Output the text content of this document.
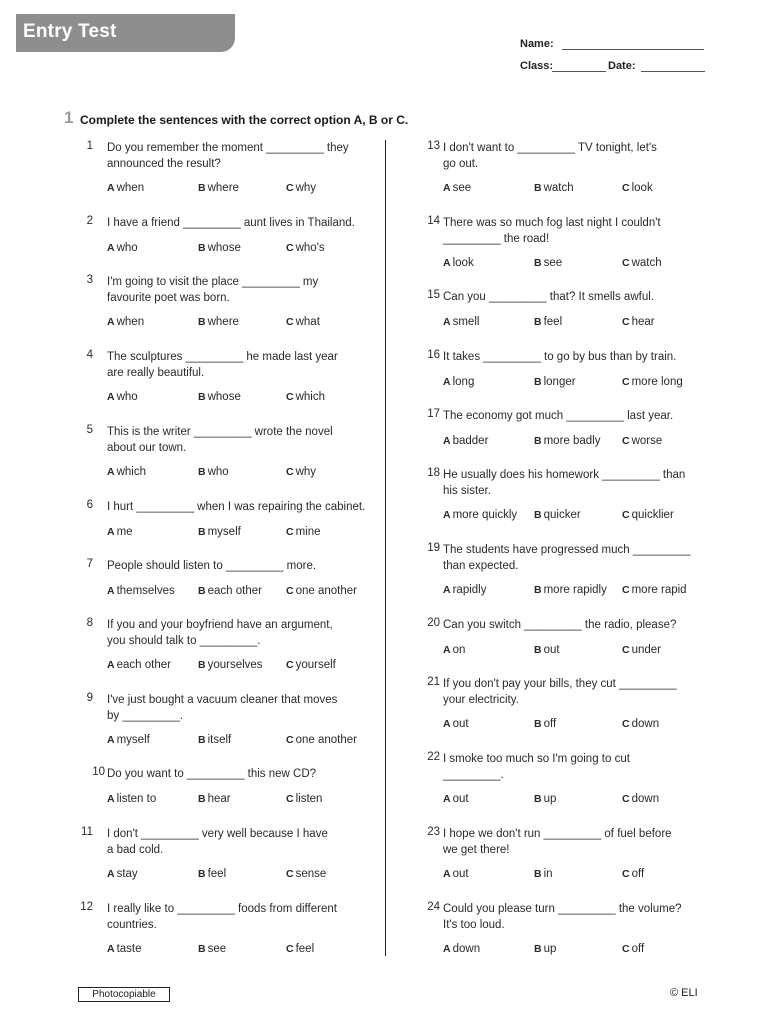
Entry Test
Name:
Class:	Date:
1 Complete the sentences with the correct option A, B or C.
1 Do you remember the moment _________ they
announced the result?
A when	B where	C why
2 I have a friend _________ aunt lives in Thailand.
A who	B whose	C who's
3 I'm going to visit the place _________ my
favourite poet was born.
A when	B where	C what
4 The sculptures _________ he made last year
are really beautiful.
A who	B whose	C which
5 This is the writer _________ wrote the novel
about our town.
A which	B who	C why
6 I hurt _________ when I was repairing the cabinet.
A me	B myself	C mine
7 People should listen to _________ more.
A themselves B each other C one another
8 If you and your boyfriend have an argument,
you should talk to _________.
A each other	B yourselves C yourself
9 I've just bought a vacuum cleaner that moves
by _________.
A myself	B itself	C one another
10 Do you want to _________ this new CD?
A listen to	B hear	C listen
11 I don't _________ very well because I have
a bad cold.
A stay	B feel	C sense
12 I really like to _________ foods from different
countries.
A taste	B see	C feel
13 I don't want to _________ TV tonight, let's
go out.
A see	B watch	C look
14 There was so much fog last night I couldn't
_________ the road!
A look	B see	C watch
15 Can you _________ that? It smells awful.
A smell	B feel	C hear
16 It takes _________ to go by bus than by train.
A long	B longer	C more long
17 The economy got much _________ last year.
A badder	B more badly C worse
18 He usually does his homework _________ than
his sister.
A more quickly B quicker	C quicklier
19 The students have progressed much _________
than expected.
A rapidly	B more rapidly C more rapid
20 Can you switch _________ the radio, please?
A on	B out	C under
21 If you don't pay your bills, they cut _________
your electricity.
A out	B off	C down
22 I smoke too much so I'm going to cut
_________.
A out	B up	C down
23 I hope we don't run _________ of fuel before
we get there!
A out	B in	C off
24 Could you please turn _________ the volume?
It's too loud.
A down	B up	C off
Photocopiable	© ELI
